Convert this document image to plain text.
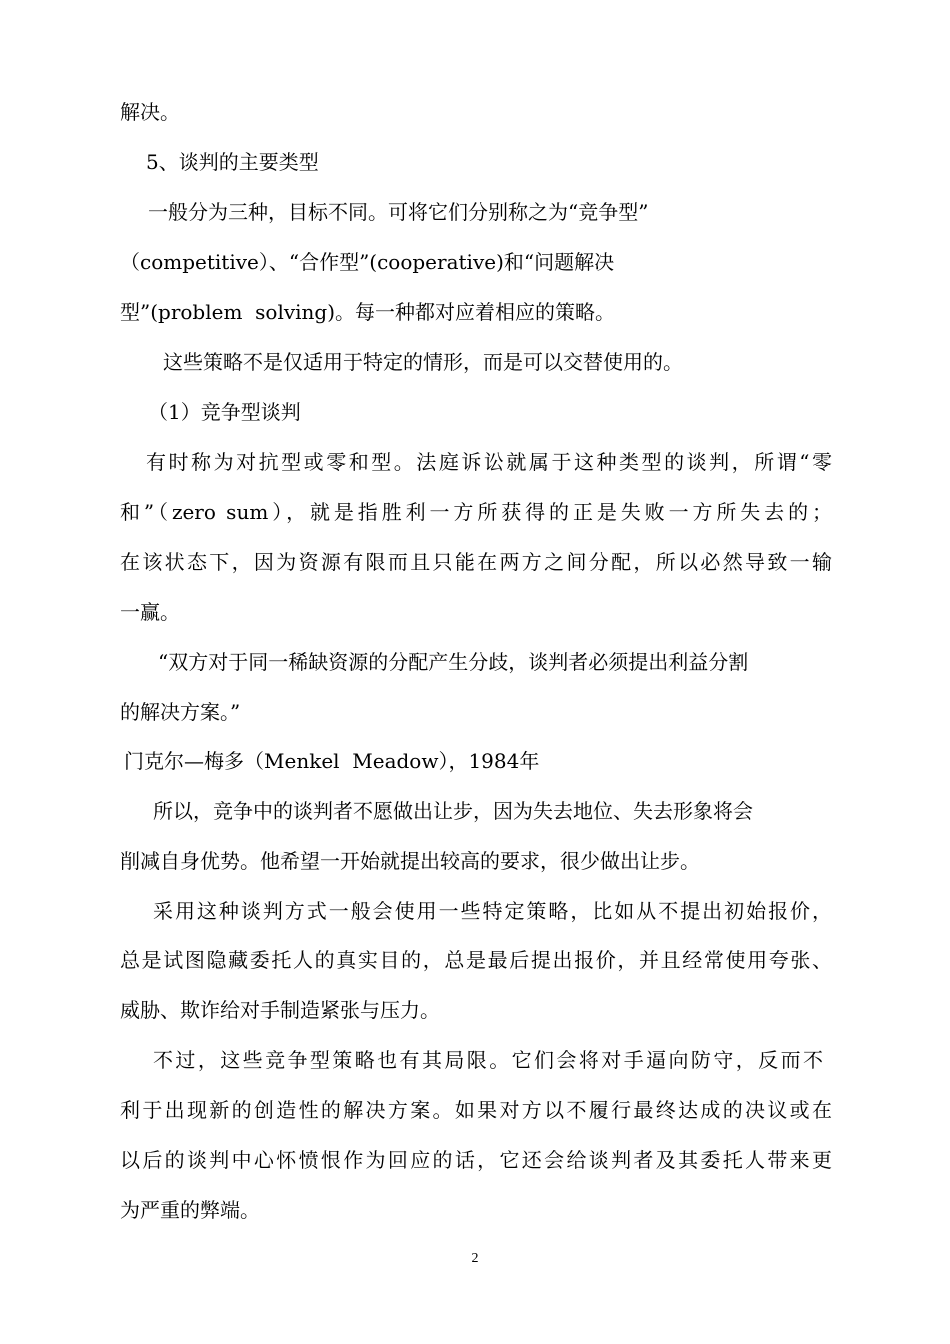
解决。
5、谈判的主要类型
一般分为三种，目标不同。可将它们分别称之为“竞争型”
（competitive）、“合作型”(cooperative)和“问题解决
型”(problem  solving)。每一种都对应着相应的策略。
这些策略不是仅适用于特定的情形，而是可以交替使用的。
（1）竞争型谈判
有时称为对抗型或零和型。法庭诉讼就属于这种类型的谈判，所谓“零
和”（zero sum），就是指胜利一方所获得的正是失败一方所失去的；
在该状态下，因为资源有限而且只能在两方之间分配，所以必然导致一输
一赢。
“双方对于同一稀缺资源的分配产生分歧，谈判者必须提出利益分割
的解决方案。”
门克尔—梅多（Menkel  Meadow），1984年
所以，竞争中的谈判者不愿做出让步，因为失去地位、失去形象将会
削减自身优势。他希望一开始就提出较高的要求，很少做出让步。
采用这种谈判方式一般会使用一些特定策略，比如从不提出初始报价，
总是试图隐藏委托人的真实目的，总是最后提出报价，并且经常使用夸张、
威胁、欺诈给对手制造紧张与压力。
不过，这些竞争型策略也有其局限。它们会将对手逼向防守，反而不
利于出现新的创造性的解决方案。如果对方以不履行最终达成的决议或在
以后的谈判中心怀愤恨作为回应的话，它还会给谈判者及其委托人带来更
为严重的弊端。
2
